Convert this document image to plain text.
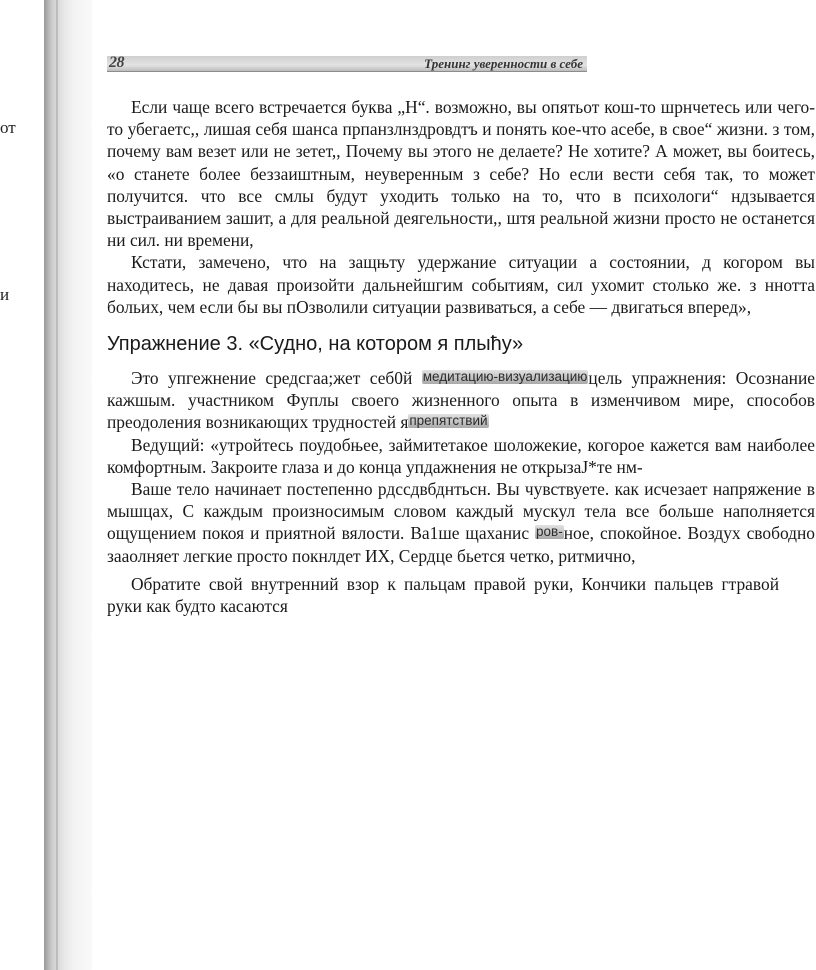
от
и
28	Тренинг уверенности в себе

Если чаще всего встречается буква „Н“. возможно, вы опятьот кош-то шрнчетесь или чего-то убегаетс,, лишая себя шанса прпанзлнздровдтъ и понять кое-что асебе, в свое“ жизни. з том, почему вам везет или не зетет,, Почему вы этого не делаете? Не хотите? А может, вы боитесь, «о станете более беззаиштным, неуверенным з себе? Но если вести себя так, то может получится. что все смлы будут уходить только на то, что в психологи“ ндзывается выстраиванием зашит, а для реальной деягельности,, штя реальной жизни просто не останется ни сил. ни времени,

Кстати, замечено, что на защњту удержание ситуации а состоянии, д когором вы находитесь, не давая произойти дальнейшгим событиям, сил ухомит столько же. з ннотта больих, чем если бы вы пОзволили ситуации развиваться, а себе — двигаться вперед»,

Упражнение 3. «Судно, на котором я плыћу»

Это упгежнение средсгаа;жет себ0й медитацию-визуализациюцель упражнения: Осознание кажшым. участником Фуплы своего жизненного опыта в изменчивом мире, способов преодоления возникающих трудностей япрепятствий

Ведущий: «утройтесь поудобњее, займитетакое шоложекие, когорое кажется вам наиболее комфортным. Закроите глаза и до конца упдажнения не открызаЈ*те нм-

Ваше тело начинает постепенно рдссдвбднтьсн. Вы чувствуете. как исчезает напряжение в мышцах, С каждым произносимым словом каждый мускул тела все больше наполняется ощущением покоя и приятной вялости. Ва1ше щаханис ров-ное, спокойное. Воздух свободно зааолняет легкие просто покнлдет ИХ, Сердце бьется четко, ритмично,

Обратите свой внутренний взор к пальцам правой руки, Кончики пальцев гтравой руки как будто касаются
